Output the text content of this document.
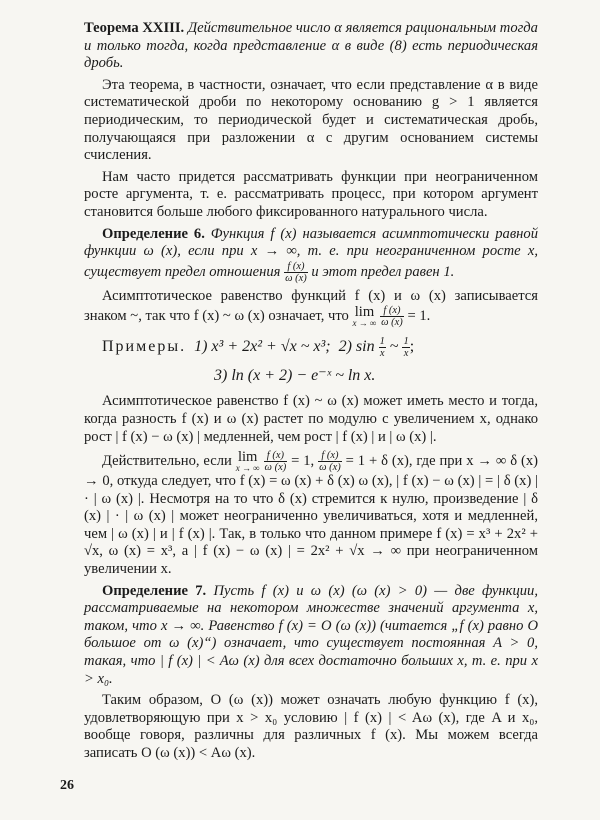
Теорема XXIII. Действительное число α является рациональным тогда и только тогда, когда представление α в виде (8) есть периодическая дробь.

Эта теорема, в частности, означает, что если представление α в виде систематической дроби по некоторому основанию g > 1 является периодическим, то периодической будет и систематическая дробь, получающаяся при разложении α с другим основанием системы счисления.

Нам часто придется рассматривать функции при неограниченном росте аргумента, т. е. рассматривать процесс, при котором аргумент становится больше любого фиксированного натурального числа.

Определение 6. Функция f (x) называется асимптотически равной функции ω (x), если при x → ∞, т. е. при неограниченном росте x, существует предел отношения $\frac{f (x)}{\omega (x)}$ и этот предел равен 1.

Асимптотическое равенство функций f (x) и ω (x) записывается знаком ~, так что f (x) ~ ω (x) означает, что lim
x → ∞
$\frac{f (x)}{\omega (x)} = 1$.

Примеры. 1) x³ + 2x² + √x ~ x³; 2) $\sin \frac{1}{x}$ ~ $\frac{1}{x}$ ;
3) ln (x + 2) − e⁻ˣ ~ ln x.

Асимптотическое равенство f (x) ~ ω (x) может иметь место и тогда, когда разность f (x) и ω (x) растет по модулю с увеличением x, однако рост | f (x) − ω (x) | медленней, чем рост | f (x) | и | ω (x) |.

Действительно, если lim
x → ∞
$\frac{f (x)}{\omega (x)} = 1$, $\frac{f (x)}{\omega (x)} = 1 + \delta$ (x), где при x → ∞ δ (x) → 0, откуда следует, что f (x) = ω (x) + δ (x) ω (x), | f (x) − ω (x) | = | δ (x) | · | ω (x) |. Несмотря на то что δ (x) стремится к нулю, произведение | δ (x) | · | ω (x) | может неограниченно увеличиваться, хотя и медленней, чем | ω (x) | и | f (x) |. Так, в только что данном примере f (x) = x³ + 2x² + √x, ω (x) = x³, а | f (x) − ω (x) | = 2x² + √x → ∞ при неограниченном увеличении x.

Определение 7. Пусть f (x) и ω (x) (ω (x) > 0) — две функции, рассматриваемые на некотором множестве значений аргумента x, таком, что x → ∞. Равенство f (x) = O (ω (x)) (читается „f (x) равно O большое от ω (x)“) означает, что существует постоянная A > 0, такая, что | f (x) | < Aω (x) для всех достаточно больших x, т. е. при x > x₀.

Таким образом, O (ω (x)) может означать любую функцию f (x), удовлетворяющую при x > x₀ условию | f (x) | < Aω (x), где A и x₀, вообще говоря, различны для различных f (x). Мы можем всегда записать O (ω (x)) < Aω (x).

26
